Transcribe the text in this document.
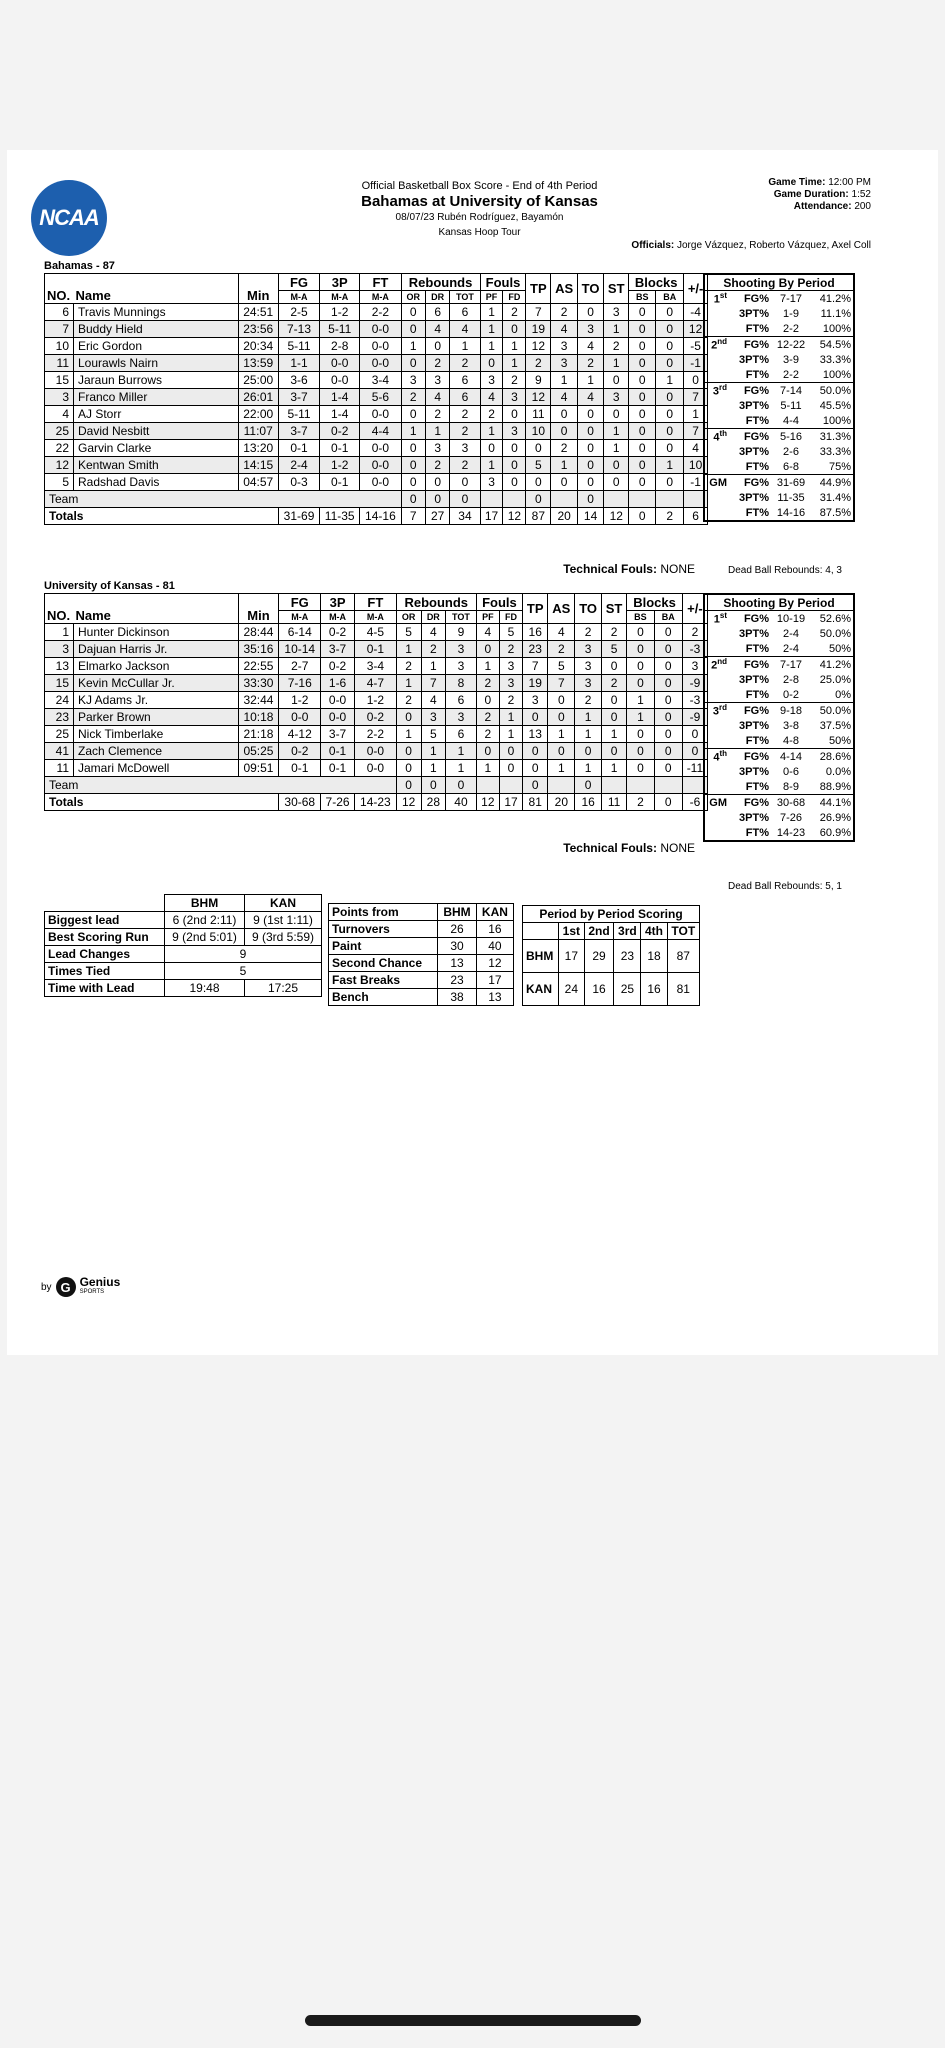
NCAA
Official Basketball Box Score - End of 4th Period
Bahamas at University of Kansas
08/07/23 Rubén Rodríguez, Bayamón
Kansas Hoop Tour
Game Time: 12:00 PM
Game Duration: 1:52
Attendance: 200
Officials: Jorge Vázquez, Roberto Vázquez, Axel Coll
Bahamas - 87
NO.	Name	Min	FG	3P	FT	Rebounds			Fouls		TP	AS	TO	ST	Blocks		+/-
			M-A	M-A	M-A	OR	DR	TOT	PF	FD					BS	BA	
6	Travis Munnings	24:51	2-5	1-2	2-2	0	6	6	1	2	7	2	0	3	0	0	-4
7	Buddy Hield	23:56	7-13	5-11	0-0	0	4	4	1	0	19	4	3	1	0	0	12
10	Eric Gordon	20:34	5-11	2-8	0-0	1	0	1	1	1	12	3	4	2	0	0	-5
11	Lourawls Nairn	13:59	1-1	0-0	0-0	0	2	2	0	1	2	3	2	1	0	0	-1
15	Jaraun Burrows	25:00	3-6	0-0	3-4	3	3	6	3	2	9	1	1	0	0	1	0
3	Franco Miller	26:01	3-7	1-4	5-6	2	4	6	4	3	12	4	4	3	0	0	7
4	AJ Storr	22:00	5-11	1-4	0-0	0	2	2	2	0	11	0	0	0	0	0	1
25	David Nesbitt	11:07	3-7	0-2	4-4	1	1	2	1	3	10	0	0	1	0	0	7
22	Garvin Clarke	13:20	0-1	0-1	0-0	0	3	3	0	0	0	2	0	1	0	0	4
12	Kentwan Smith	14:15	2-4	1-2	0-0	0	2	2	1	0	5	1	0	0	0	1	10
5	Radshad Davis	04:57	0-3	0-1	0-0	0	0	0	3	0	0	0	0	0	0	0	-1
Team						0	0	0			0		0				
Totals			31-69	11-35	14-16	7	27	34	17	12	87	20	14	12	0	2	6
Technical Fouls: NONE
Shooting By Period			
1st	FG%	7-17	41.2%
	3PT%	1-9	11.1%
	FT%	2-2	100%
2nd	FG%	12-22	54.5%
	3PT%	3-9	33.3%
	FT%	2-2	100%
3rd	FG%	7-14	50.0%
	3PT%	5-11	45.5%
	FT%	4-4	100%
4th	FG%	5-16	31.3%
	3PT%	2-6	33.3%
	FT%	6-8	75%
GM	FG%	31-69	44.9%
	3PT%	11-35	31.4%
	FT%	14-16	87.5%
Dead Ball Rebounds: 4, 3
University of Kansas - 81
NO.	Name	Min	FG	3P	FT	Rebounds			Fouls		TP	AS	TO	ST	Blocks		+/-
			M-A	M-A	M-A	OR	DR	TOT	PF	FD					BS	BA	
1	Hunter Dickinson	28:44	6-14	0-2	4-5	5	4	9	4	5	16	4	2	2	0	0	2
3	Dajuan Harris Jr.	35:16	10-14	3-7	0-1	1	2	3	0	2	23	2	3	5	0	0	-3
13	Elmarko Jackson	22:55	2-7	0-2	3-4	2	1	3	1	3	7	5	3	0	0	0	3
15	Kevin McCullar Jr.	33:30	7-16	1-6	4-7	1	7	8	2	3	19	7	3	2	0	0	-9
24	KJ Adams Jr.	32:44	1-2	0-0	1-2	2	4	6	0	2	3	0	2	0	1	0	-3
23	Parker Brown	10:18	0-0	0-0	0-2	0	3	3	2	1	0	0	1	0	1	0	-9
25	Nick Timberlake	21:18	4-12	3-7	2-2	1	5	6	2	1	13	1	1	1	0	0	0
41	Zach Clemence	05:25	0-2	0-1	0-0	0	1	1	0	0	0	0	0	0	0	0	0
11	Jamari McDowell	09:51	0-1	0-1	0-0	0	1	1	1	0	0	1	1	1	0	0	-11
Team						0	0	0			0		0				
Totals			30-68	7-26	14-23	12	28	40	12	17	81	20	16	11	2	0	-6
Technical Fouls: NONE
Shooting By Period			
1st	FG%	10-19	52.6%
	3PT%	2-4	50.0%
	FT%	2-4	50%
2nd	FG%	7-17	41.2%
	3PT%	2-8	25.0%
	FT%	0-2	0%
3rd	FG%	9-18	50.0%
	3PT%	3-8	37.5%
	FT%	4-8	50%
4th	FG%	4-14	28.6%
	3PT%	0-6	0.0%
	FT%	8-9	88.9%
GM	FG%	30-68	44.1%
	3PT%	7-26	26.9%
	FT%	14-23	60.9%
Dead Ball Rebounds: 5, 1
	BHM	KAN
Biggest lead	6 (2nd 2:11)	9 (1st 1:11)
Best Scoring Run	9 (2nd 5:01)	9 (3rd 5:59)
Lead Changes	9	
Times Tied	5	
Time with Lead	19:48	17:25
Points from	BHM	KAN
Turnovers	26	16
Paint	30	40
Second Chance	13	12
Fast Breaks	23	17
Bench	38	13
Period by Period Scoring					
	1st	2nd	3rd	4th	TOT
BHM	17	29	23	18	87
KAN	24	16	25	16	81
by G Genius
SPORTS
